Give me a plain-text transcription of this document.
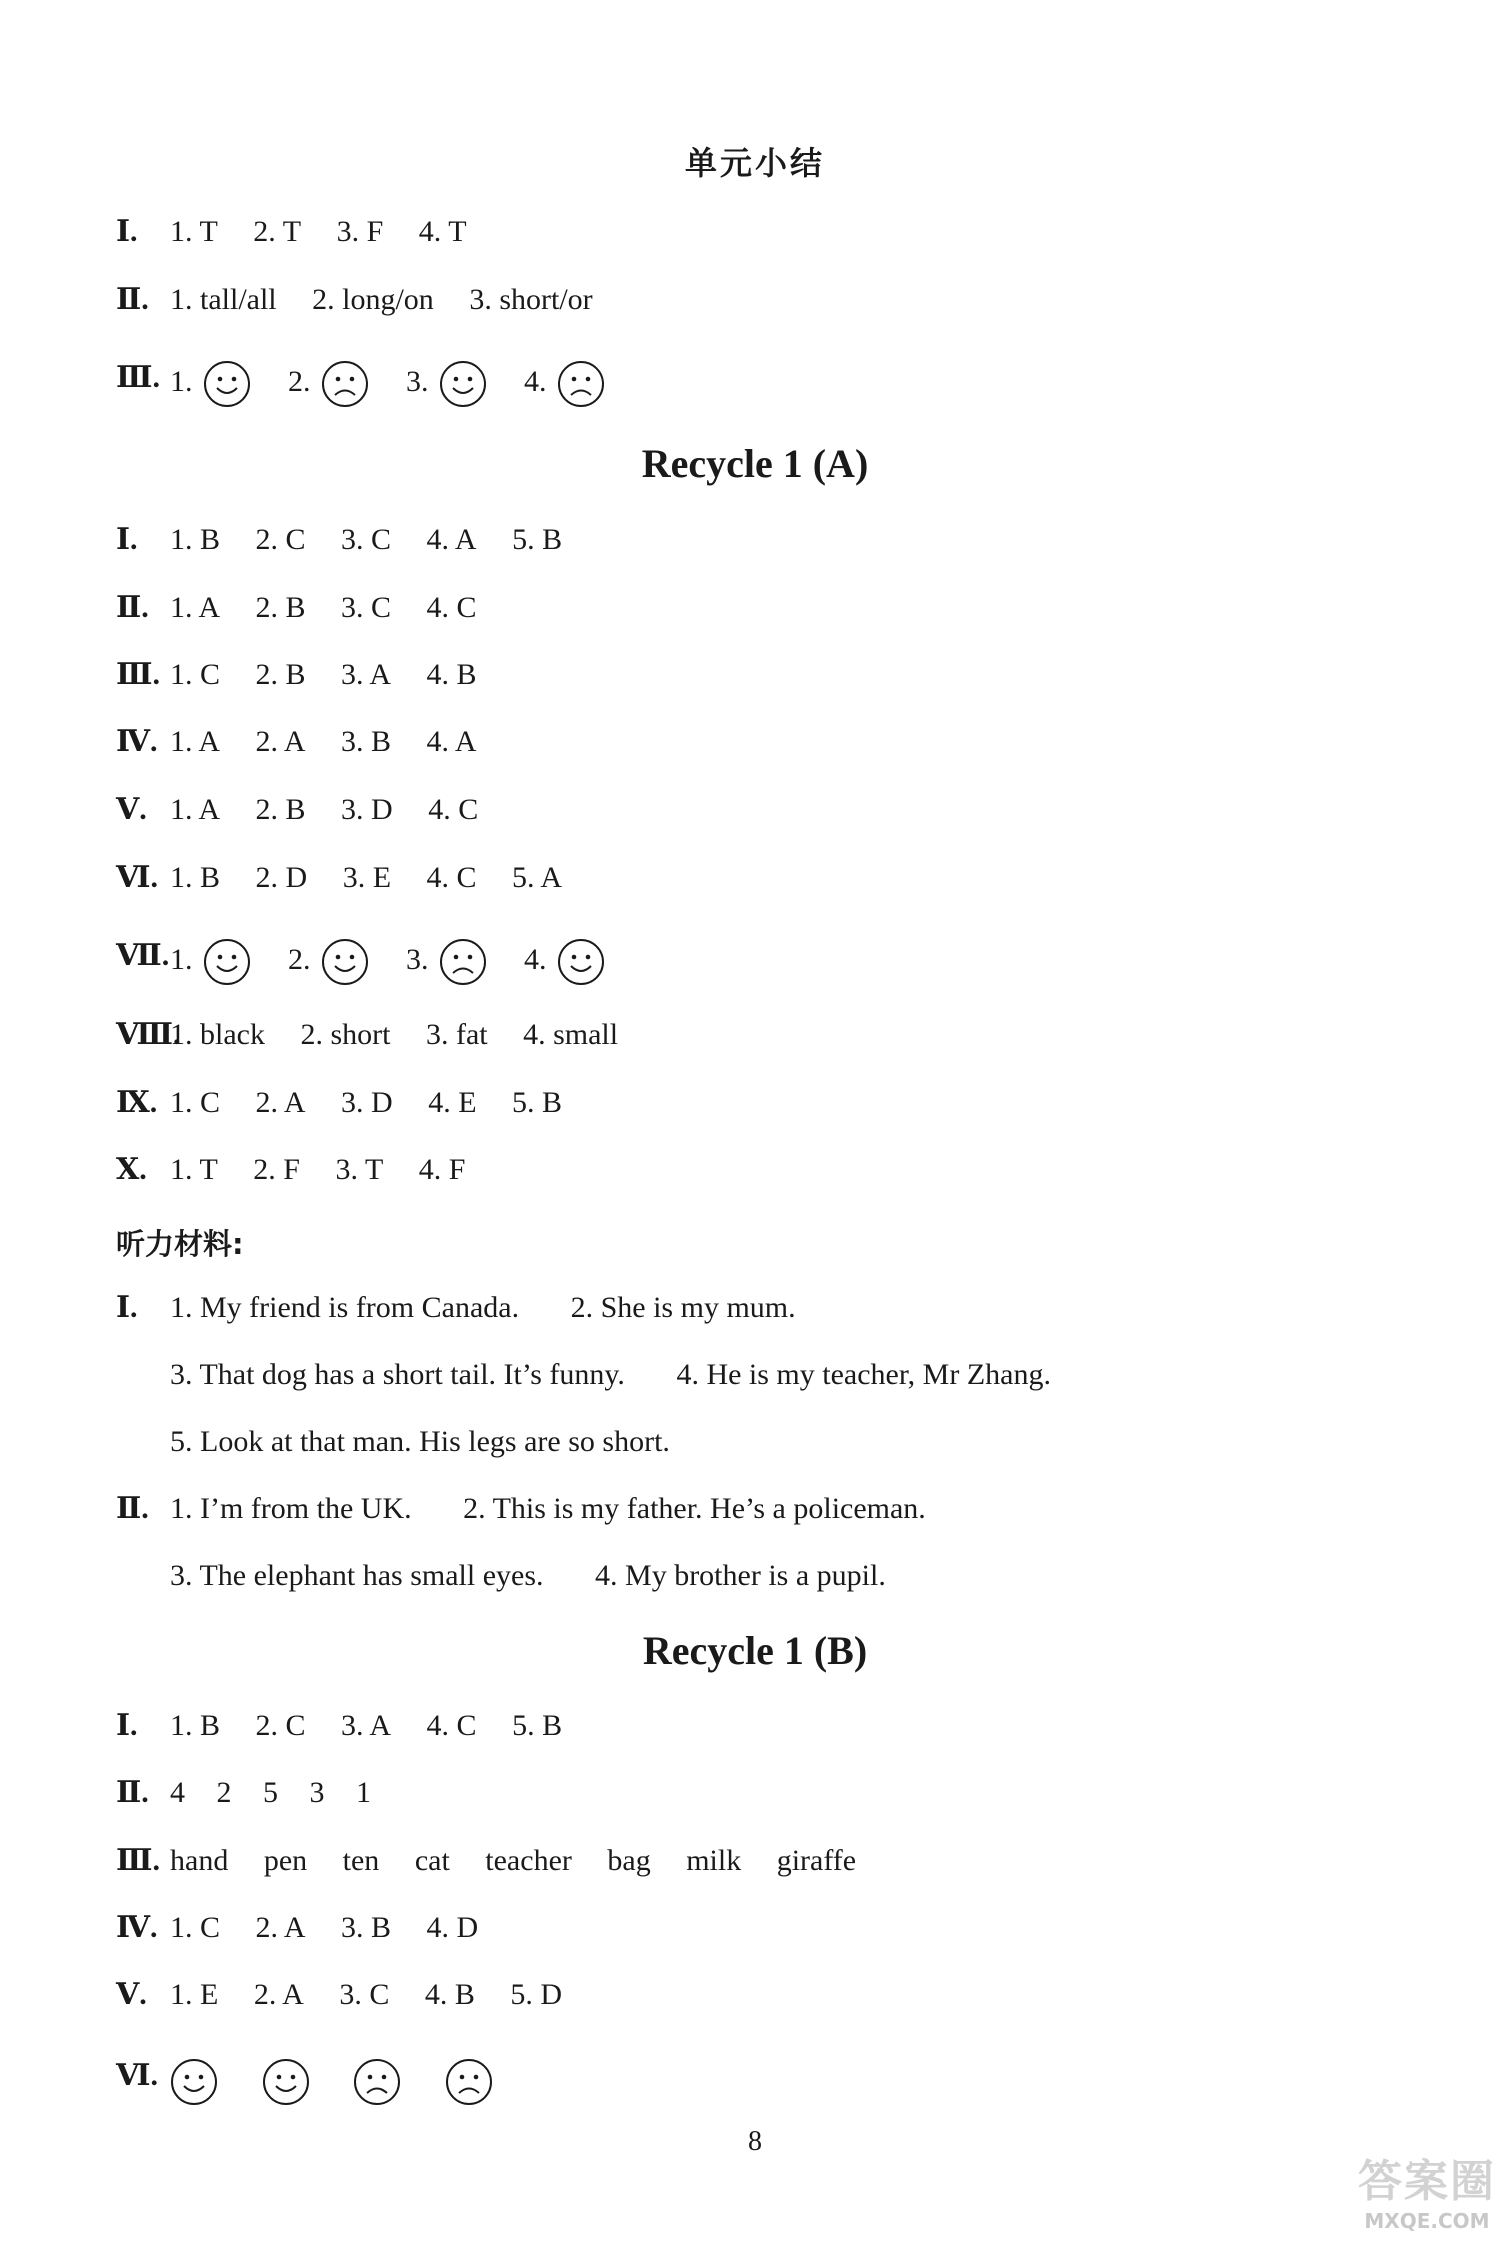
单元小结
Ⅰ. 1. T 2. T 3. F 4. T
Ⅱ. 1. tall/all 2. long/on 3. short/or
Ⅲ. 1.	2.	3.	4.
Recycle 1 (A)
Ⅰ. 1. B 2. C 3. C 4. A 5. B
Ⅱ. 1. A 2. B 3. C 4. C
Ⅲ. 1. C 2. B 3. A 4. B
Ⅳ. 1. A 2. A 3. B 4. A
Ⅴ. 1. A 2. B 3. D 4. C
Ⅵ. 1. B 2. D 3. E 4. C 5. A
Ⅶ. 1.	2.	3.	4.
Ⅷ.
1. black 2. short 3. fat 4. small
Ⅸ. 1. C 2. A 3. D 4. E 5. B
Ⅹ. 1. T 2. F 3. T 4. F
听力材料:
Ⅰ. 1. My friend is from Canada. 2. She is my mum.
3. That dog has a short tail. It’s funny. 4. He is my teacher, Mr Zhang.
5. Look at that man. His legs are so short.
Ⅱ. 1. I’m from the UK. 2. This is my father. He’s a policeman.
3. The elephant has small eyes. 4. My brother is a pupil.
Recycle 1 (B)
Ⅰ. 1. B 2. C 3. A 4. C 5. B
Ⅱ. 4 2 5 3 1
Ⅲ. hand pen ten cat teacher bag milk giraffe
Ⅳ. 1. C 2. A 3. B 4. D
Ⅴ. 1. E 2. A 3. C 4. B 5. D
Ⅵ.

8
答案圈
MXQE.COM
